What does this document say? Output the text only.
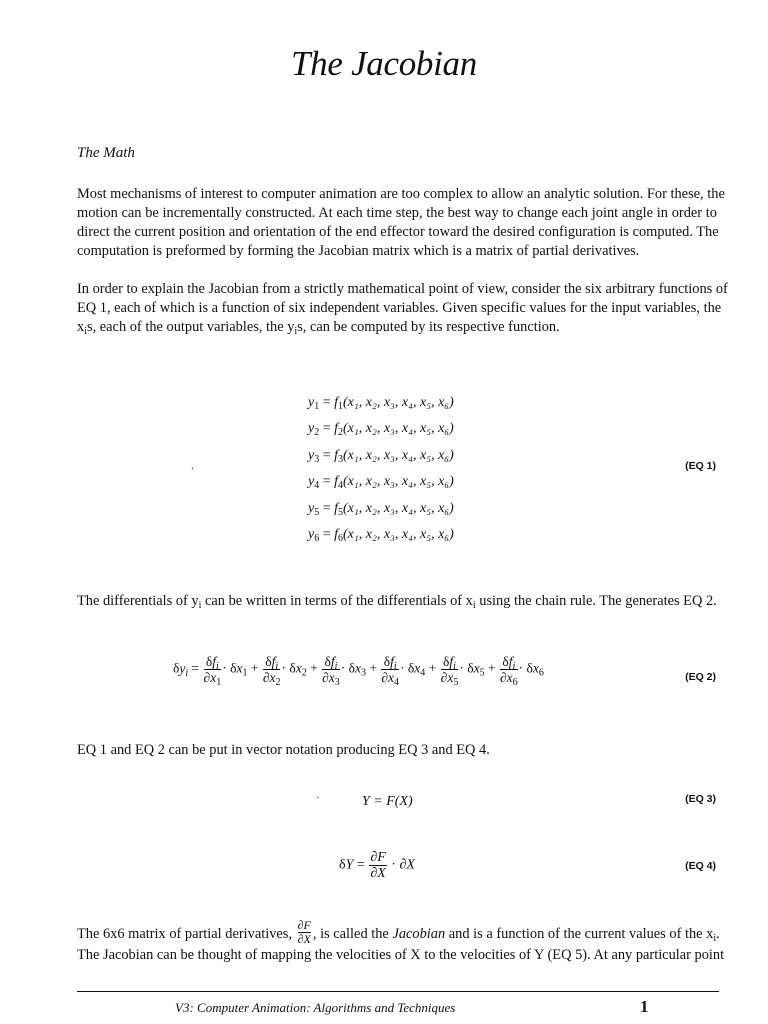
The Jacobian
The Math
Most mechanisms of interest to computer animation are too complex to allow an analytic solution. For these, the
motion can be incrementally constructed. At each time step, the best way to change each joint angle in order to
direct the current position and orientation of the end effector toward the desired configuration is computed. The
computation is preformed by forming the Jacobian matrix which is a matrix of partial derivatives.
In order to explain the Jacobian from a strictly mathematical point of view, consider the six arbitrary functions of
EQ 1, each of which is a function of six independent variables. Given specific values for the input variables, the
$x_is$, each of the output variables, the $y_is$, can be computed by its respective function.
.	(EQ 1)
The differentials of $y_i$ can be written in terms of the differentials of $x_i$ using the chain rule. The generates EQ 2.
$\delta y_i = \frac{\delta f_i}{\partial x_1} \cdot \delta x_1 + \frac{\delta f_i}{\partial x_2} \cdot \delta x_2 + \frac{\delta f_i}{\partial x_3} \cdot \delta x_3 + \frac{\delta f_i}{\partial x_4} \cdot \delta x_4 + \frac{\delta f_i}{\partial x_5} \cdot \delta x_5 + \frac{\delta f_i}{\partial x_6} \cdot \delta x_6$	(EQ 2)
EQ 1 and EQ 2 can be put in vector notation producing EQ 3 and EQ 4.
·	Y = F(X)	(EQ 3)
$\delta Y = \frac{\partial F}{\partial X} \cdot \partial X$	(EQ 4)
The 6x6 matrix of partial derivatives, $\frac{\partial F}{\partial X}$ , is called the Jacobian and is a function of the current values of the $x_i$.
The Jacobian can be thought of mapping the velocities of X to the velocities of Y (EQ 5). At any particular point
V3: Computer Animation: Algorithms and Techniques	1
$y_1 = f_1(x_1$, x₂, x₃, x₄, x₅, x₆)
$y_2 = f_2(x_1$, x₂, x₃, x₄, x₅, x₆)
$y_3 = f_3(x_1$, x₂, x₃, x₄, x₅, x₆)
$y_4 = f_4(x_1$, x₂, x₃, x₄, x₅, x₆)
$y_5 = f_5(x_1$, x₂, x₃, x₄, x₅, x₆)
$y_6 = f_6(x_1$, x₂, x₃, x₄, x₅, x₆)
